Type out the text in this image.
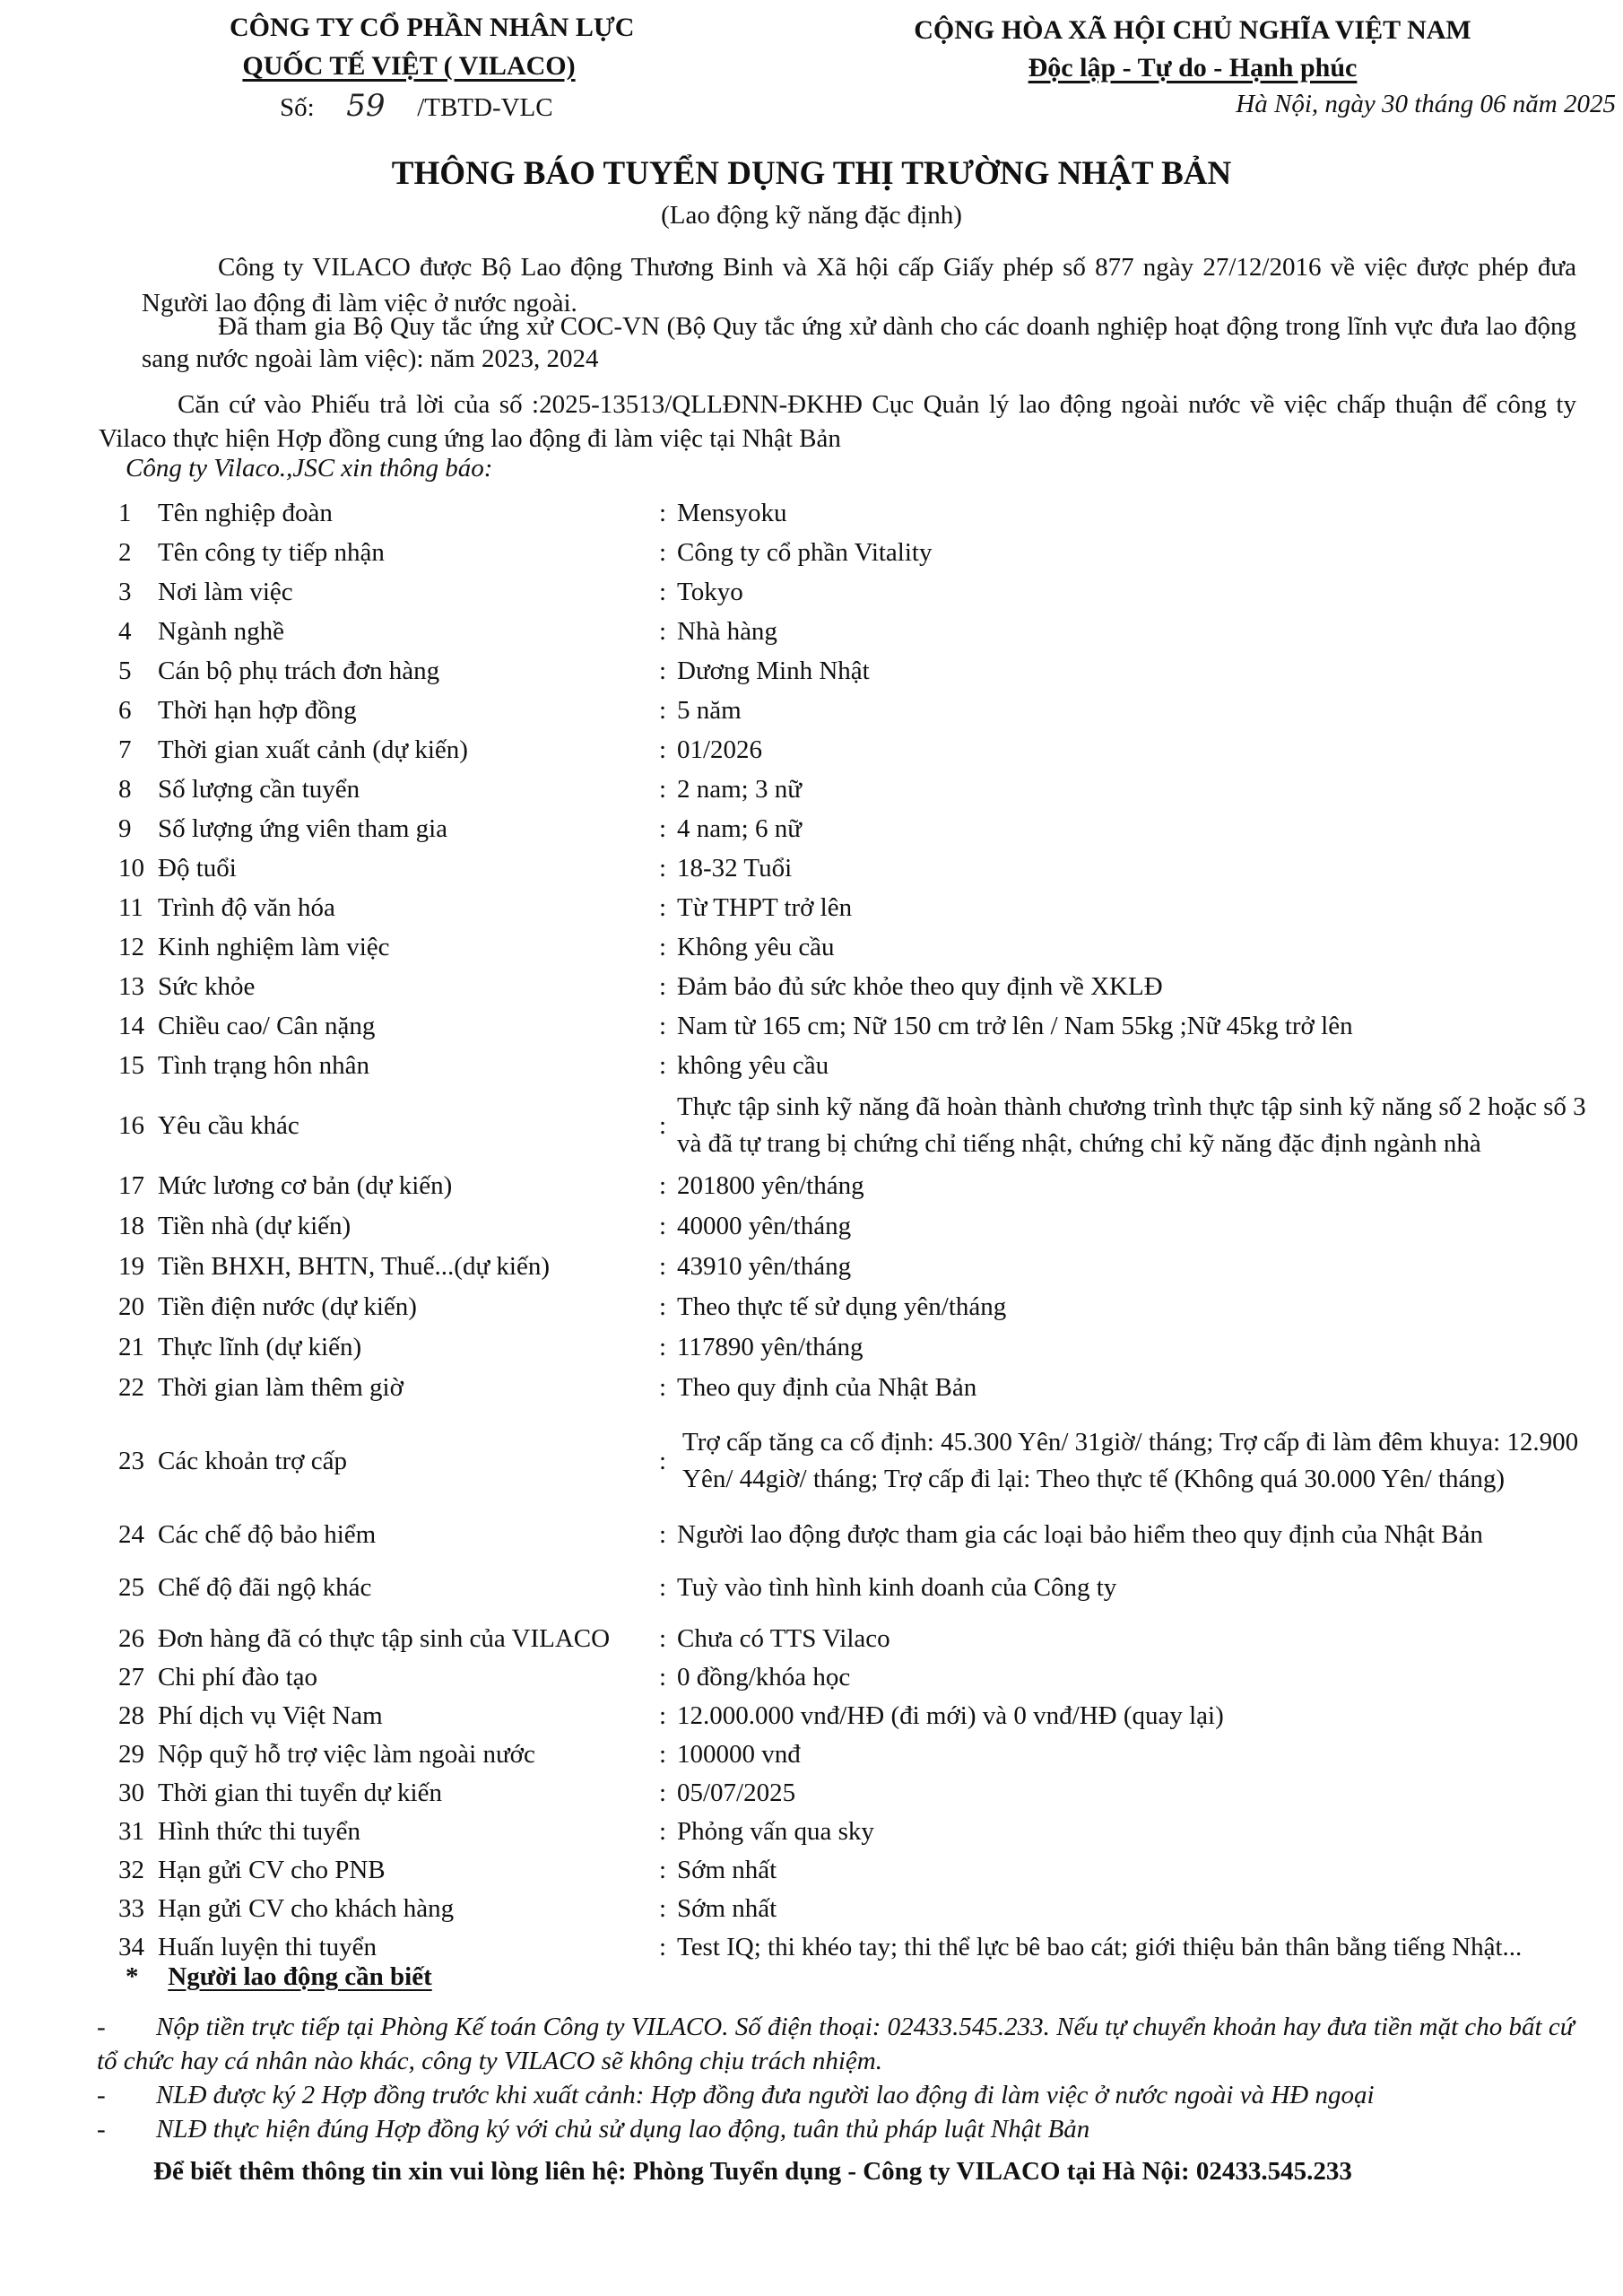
CÔNG TY CỔ PHẦN NHÂN LỰC
QUỐC TẾ VIỆT ( VILACO)
Số: 59 /TBTD-VLC
CỘNG HÒA XÃ HỘI CHỦ NGHĨA VIỆT NAM
Độc lập - Tự do - Hạnh phúc
Hà Nội, ngày 30 tháng 06 năm 2025
THÔNG BÁO TUYỂN DỤNG THỊ TRƯỜNG NHẬT BẢN
(Lao động kỹ năng đặc định)
Công ty VILACO được Bộ Lao động Thương Binh và Xã hội cấp Giấy phép số 877 ngày 27/12/2016 về việc được phép đưa Người lao động đi làm việc ở nước ngoài.
Đã tham gia Bộ Quy tắc ứng xử COC-VN (Bộ Quy tắc ứng xử dành cho các doanh nghiệp hoạt động trong lĩnh vực đưa lao động sang nước ngoài làm việc): năm 2023, 2024
Căn cứ vào Phiếu trả lời của số :2025-13513/QLLĐNN-ĐKHĐ Cục Quản lý lao động ngoài nước về việc chấp thuận để công ty Vilaco thực hiện Hợp đồng cung ứng lao động đi làm việc tại Nhật Bản
Công ty Vilaco.,JSC xin thông báo:
1	Tên nghiệp đoàn	: Mensyoku
2	Tên công ty tiếp nhận	: Công ty cổ phần Vitality
3	Nơi làm việc	: Tokyo
4	Ngành nghề	: Nhà hàng
5	Cán bộ phụ trách đơn hàng	: Dương Minh Nhật
6	Thời hạn hợp đồng	: 5 năm
7	Thời gian xuất cảnh (dự kiến)	: 01/2026
8	Số lượng cần tuyển	: 2 nam; 3 nữ
9	Số lượng ứng viên tham gia	: 4 nam; 6 nữ
10 Độ tuổi	: 18-32 Tuổi
11 Trình độ văn hóa	: Từ THPT trở lên
12 Kinh nghiệm làm việc	: Không yêu cầu
13 Sức khỏe	: Đảm bảo đủ sức khỏe theo quy định về XKLĐ
14 Chiều cao/ Cân nặng	: Nam từ 165 cm; Nữ 150 cm trở lên / Nam 55kg ;Nữ 45kg trở lên
15 Tình trạng hôn nhân	: không yêu cầu
16 Yêu cầu khác	:
Thực tập sinh kỹ năng đã hoàn thành chương trình thực tập sinh kỹ năng số 2 hoặc số 3 và đã tự trang bị chứng chỉ tiếng nhật, chứng chỉ kỹ năng đặc định ngành nhà
17 Mức lương cơ bản (dự kiến)	: 201800 yên/tháng
18 Tiền nhà (dự kiến)	: 40000 yên/tháng
19 Tiền BHXH, BHTN, Thuế...(dự kiến)	: 43910 yên/tháng
20 Tiền điện nước (dự kiến)	: Theo thực tế sử dụng yên/tháng
21 Thực lĩnh (dự kiến)	: 117890 yên/tháng
22 Thời gian làm thêm giờ	: Theo quy định của Nhật Bản
23 Các khoản trợ cấp	:
Trợ cấp tăng ca cố định: 45.300 Yên/ 31giờ/ tháng; Trợ cấp đi làm đêm khuya: 12.900 Yên/ 44giờ/ tháng; Trợ cấp đi lại: Theo thực tế (Không quá 30.000 Yên/ tháng)
24 Các chế độ bảo hiểm	: Người lao động được tham gia các loại bảo hiểm theo quy định của Nhật Bản
25 Chế độ đãi ngộ khác	: Tuỳ vào tình hình kinh doanh của Công ty
26 Đơn hàng đã có thực tập sinh của VILACO	: Chưa có TTS Vilaco
27 Chi phí đào tạo	: 0 đồng/khóa học
28 Phí dịch vụ Việt Nam	: 12.000.000 vnđ/HĐ (đi mới) và 0 vnđ/HĐ (quay lại)
29 Nộp quỹ hỗ trợ việc làm ngoài nước	: 100000 vnđ
30 Thời gian thi tuyển dự kiến	: 05/07/2025
31 Hình thức thi tuyển	: Phỏng vấn qua sky
32 Hạn gửi CV cho PNB	: Sớm nhất
33 Hạn gửi CV cho khách hàng	: Sớm nhất
34 Huấn luyện thi tuyển	: Test IQ; thi khéo tay; thi thể lực bê bao cát; giới thiệu bản thân bằng tiếng Nhật...
* Người lao động cần biết
- Nộp tiền trực tiếp tại Phòng Kế toán Công ty VILACO. Số điện thoại: 02433.545.233. Nếu tự chuyển khoản hay đưa tiền mặt cho bất cứ tổ chức hay cá nhân nào khác, công ty VILACO sẽ không chịu trách nhiệm.
- NLĐ được ký 2 Hợp đồng trước khi xuất cảnh: Hợp đồng đưa người lao động đi làm việc ở nước ngoài và HĐ ngoại
- NLĐ thực hiện đúng Hợp đồng ký với chủ sử dụng lao động, tuân thủ pháp luật Nhật Bản
Để biết thêm thông tin xin vui lòng liên hệ: Phòng Tuyển dụng - Công ty VILACO tại Hà Nội: 02433.545.233
